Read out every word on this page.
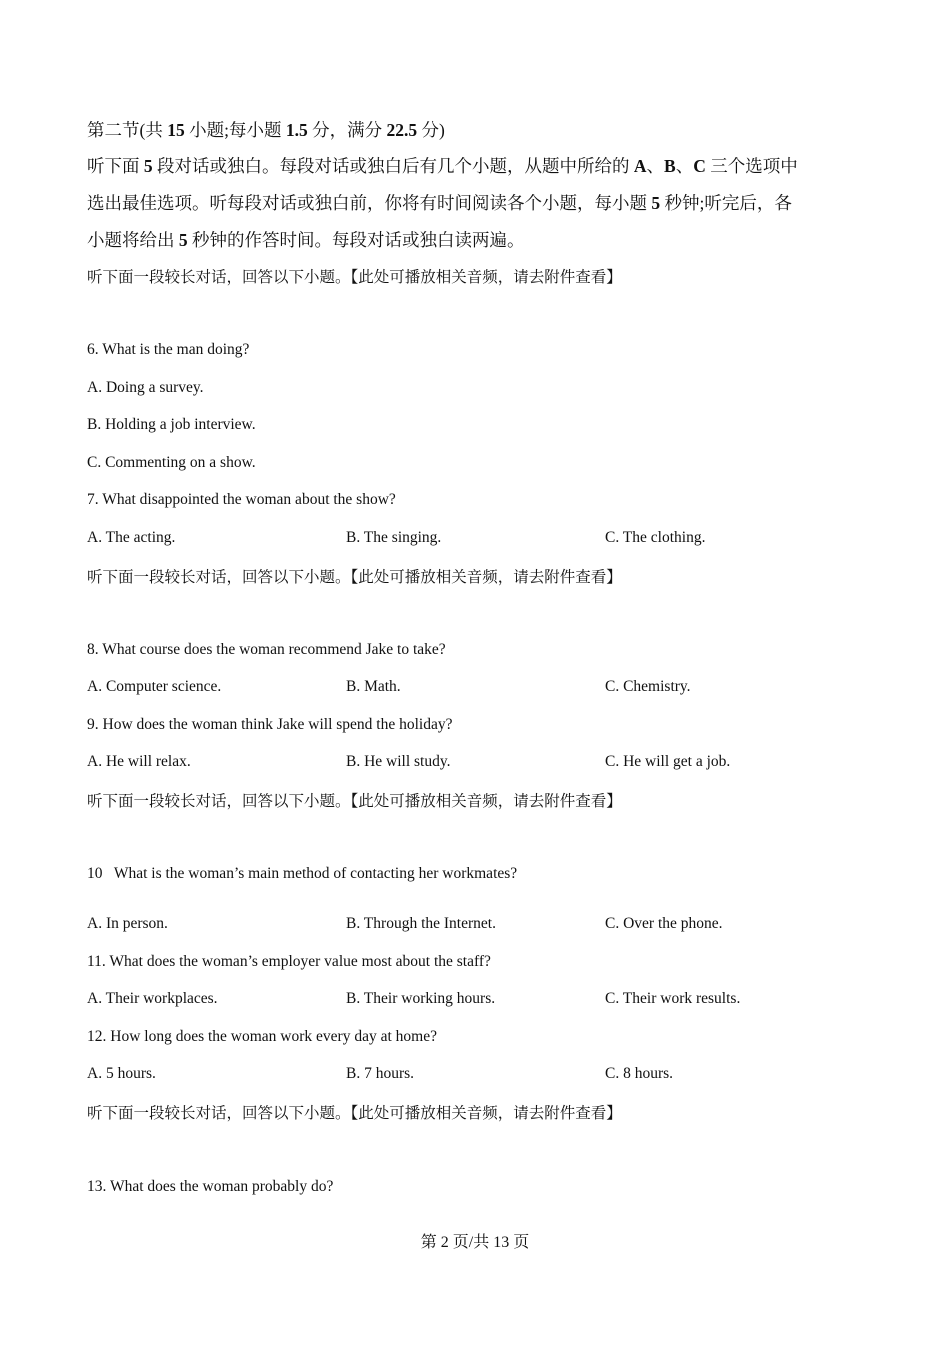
第二节(共 15 小题;每小题 1.5 分，满分 22.5 分)
听下面 5 段对话或独白。每段对话或独白后有几个小题，从题中所给的 A、B、C 三个选项中
选出最佳选项。听每段对话或独白前，你将有时间阅读各个小题，每小题 5 秒钟;听完后，各
小题将给出 5 秒钟的作答时间。每段对话或独白读两遍。
听下面一段较长对话，回答以下小题。【此处可播放相关音频，请去附件查看】
6. What is the man doing?
A. Doing a survey.
B. Holding a job interview.
C. Commenting on a show.
7. What disappointed the woman about the show?
A. The acting.	B. The singing.	C. The clothing.
听下面一段较长对话，回答以下小题。【此处可播放相关音频，请去附件查看】
8. What course does the woman recommend Jake to take?
A. Computer science.	B. Math.	C. Chemistry.
9. How does the woman think Jake will spend the holiday?
A. He will relax.	B. He will study.	C. He will get a job.
听下面一段较长对话，回答以下小题。【此处可播放相关音频，请去附件查看】
10   What is the woman’s main method of contacting her workmates?
A. In person.	B. Through the Internet.	C. Over the phone.
11. What does the woman’s employer value most about the staff?
A. Their workplaces.	B. Their working hours.	C. Their work results.
12. How long does the woman work every day at home?
A. 5 hours.	B. 7 hours.	C. 8 hours.
听下面一段较长对话，回答以下小题。【此处可播放相关音频，请去附件查看】
13. What does the woman probably do?
第 2 页/共 13 页
